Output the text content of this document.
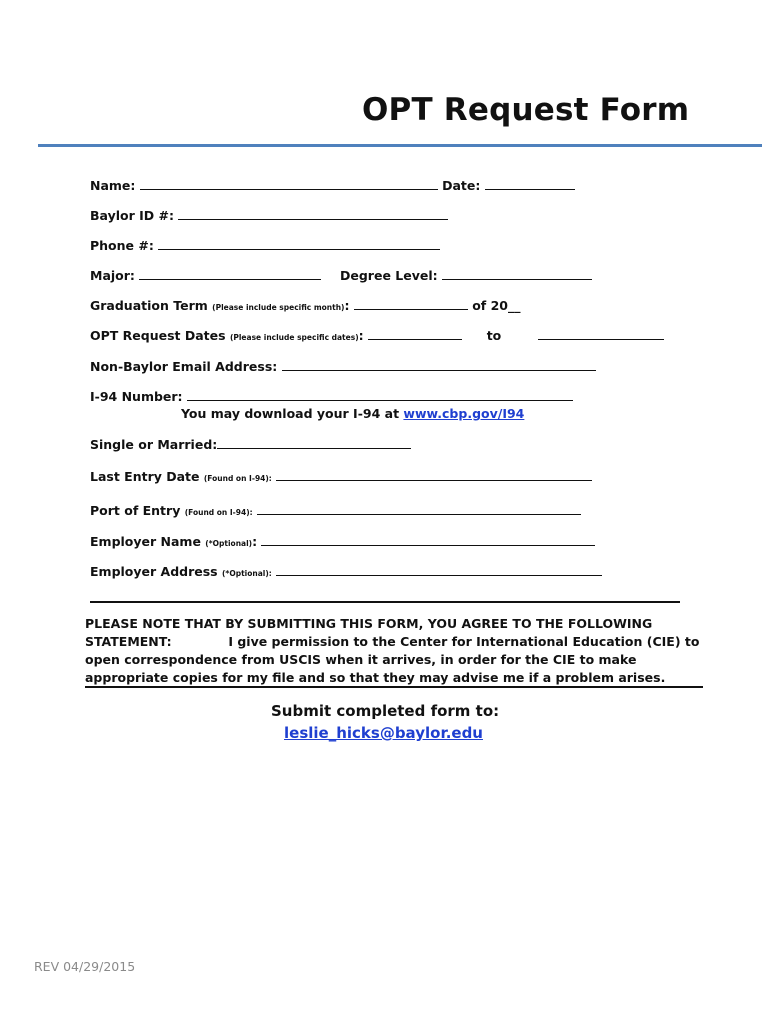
OPT Request Form
Name:	Date:
Baylor ID #:
Phone #:
Major:	Degree Level:
Graduation Term (Please include specific month):	of 20__
OPT Request Dates (Please include specific dates):	to
Non-Baylor Email Address:
I-94 Number:
You may download your I-94 at www.cbp.gov/I94
Single or Married:
Last Entry Date (Found on I-94):
Port of Entry (Found on I-94):
Employer Name (*Optional):
Employer Address (*Optional):
PLEASE NOTE THAT BY SUBMITTING THIS FORM, YOU AGREE TO THE FOLLOWING
STATEMENT:	I give permission to the Center for International Education (CIE) to
open correspondence from USCIS when it arrives, in order for the CIE to make
appropriate copies for my file and so that they may advise me if a problem arises.
Submit completed form to:
leslie_hicks@baylor.edu
REV 04/29/2015
